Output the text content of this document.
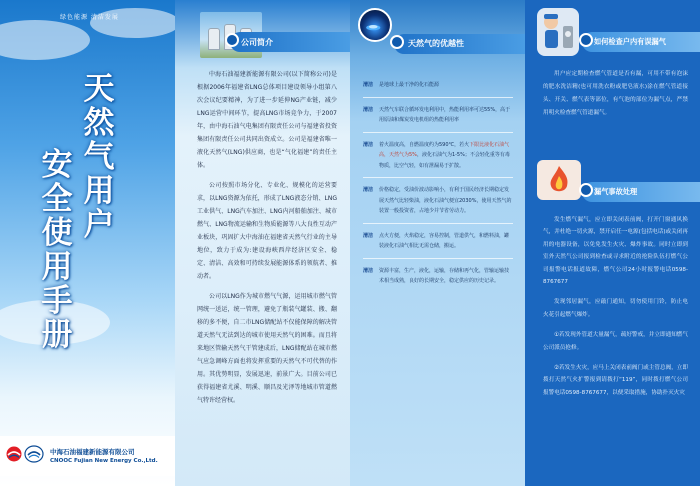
绿色能源 清洁发展
天
然
气
用
户
安
全
使
用
手
册
中海石油福建新能源有限公司
CNOOC Fujian New Energy Co.,Ltd.
公司简介

中海石油福建新能源有限公司(以下简称公司)是根据2006年福建省LNG总体项目建设领导小组第八次会议纪要精神，为了进一步延伸NG产业链，减少LNG运营中间环节，提高LNG市场竞争力，于2007年，由中海石油气电集团有限责任公司与福建省投资集团有限责任公司共同出资成立。公司是福建省唯一液化天然气(LNG)供应商，也是“气化福建”的责任主体。

公司按照市场分化、专业化、规模化的运营要求，以LNG资源为依托，形成了LNG液态分销、LNG工业供气、LNG汽车加注、LNG内河船舶加注、城市燃气、LNG物流运输和生物质能源等八大良性互动产业板块，巩固扩大中海油在福建省天然气行业的主导地位，致力于成为:建设海峡西岸经济区安全、稳定、清洁、高效和可持续发展能源体系的领航者、推动者。

公司以LNG作为城市燃气气源，运用城市燃气管网统一送运，统一管理，避免了瓶装气罐装、搬、翻移的多不便，自二市LNG储配站不仅能保障的解决管道天然气无法到达的城市使用天然气的困难。而且将来地区管输天然气干管建成后，LNG储配站在城市燃气应急调峰方面也将发挥重要的天然气不可代替的作用。其优势明显，发展迅速，前景广大。目前公司已获得福建省尤溪、明溪、顺昌及光泽等地城市管道燃气特许经营权。

天然气的优越性
清洁 是地球上最干净的化石能源
清洁 天然气车联合循环发电利用中，热能利用率可达55%，高于用原油和煤炭发电机组的热能利用率
清洁 着火温度高，自燃温度约为590℃，若火下限比液化石油气高，天然气为5%，液化石油气为1-5%；不会轻化重等有毒物质，比空气轻，如有泄漏易于扩散。
清洁 价格稳定，受油价波动影响小，有利于国民经济长期稳定发展天然气比轻柴油，液化石油气便宜2030%，使用天然气的装置一般投资省，占地少并节省劳动力。
清洁 点火方便，火焰稳定，容易控制，管道供气，和燃料油，罐装液化石油气相比无需仓储，搬运。
清洁 资源丰富，生产，液化，运输，存储和再气化，管输运输技术相当成熟，良好的长期安全，稳定供应的历史记录。
如何检查户内有误漏气
用户应定期检查燃气管道是否有漏，可用不带有泡沫的肥水洗洁精(也可用洗衣粉或肥皂液水)涂在燃气管道接头、开关、燃气表等部位，有气泡的部位为漏气点，严禁用明火检查燃气管道漏气。
漏气事故处理

发生燃气漏气，应立即关闭表前阀，打开门窗通风换气，并杜绝一切火源，禁开启任一电源(包括电话)或关闭再用的电器设备，以免免发生火灾、爆炸事故。同时立即到室外天然气公司报到检查或寻求附近的抢险队伍打燃气公司报警电话报道故障，燃气公司24小时报警电话0598-8767677

发现邻居漏气，应敲门通知，切勿使用门铃，防止电火花引起燃气爆炸。

①若发现外管道大量漏气，疏好警戒，并立即通知燃气公司派员抢修。

②若发生火灾，应马上关闭表前阀门或主管总阀，立即拨打天然气火扩警报到请拨打“119”，同时拨打燃气公司报警电话0598-8767677，以便采取措施，协助扑灭火灾
